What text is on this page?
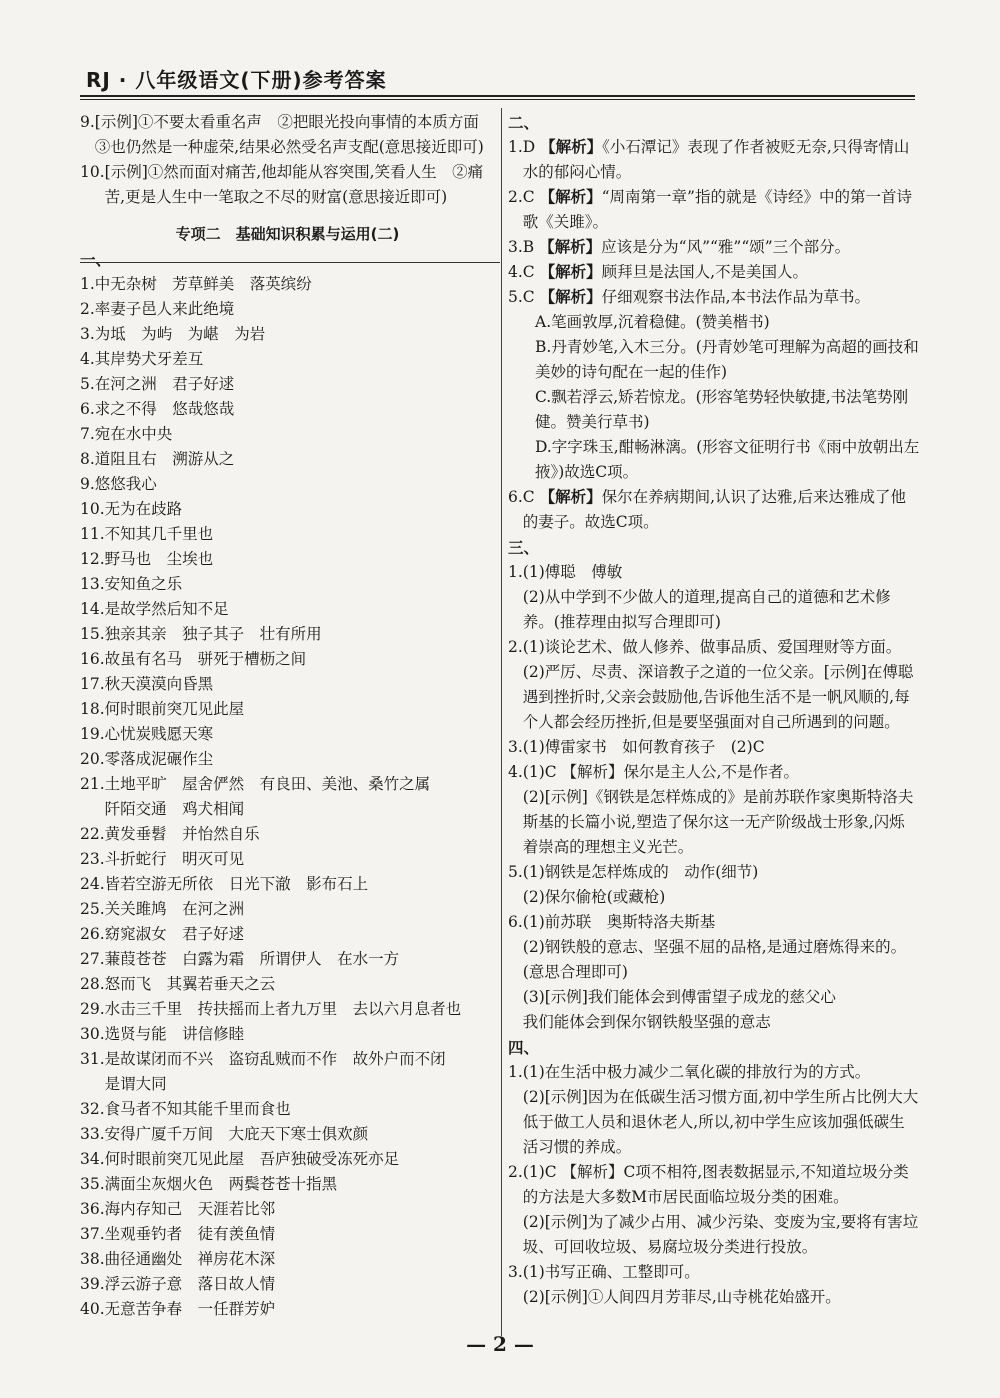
RJ · 八年级语文(下册)参考答案
9. [示例]①不要太看重名声　②把眼光投向事情的本质方面　③也仍然是一种虚荣,结果必然受名声支配(意思接近即可)
10. [示例]①然而面对痛苦,他却能从容突围,笑看人生　②痛苦,更是人生中一笔取之不尽的财富(意思接近即可)
专项二　基础知识积累与运用(二)
一、
1. 中无杂树　芳草鲜美　落英缤纷
2. 率妻子邑人来此绝境
3. 为坻　为屿　为嵁　为岩
4. 其岸势犬牙差互
5. 在河之洲　君子好逑
6. 求之不得　悠哉悠哉
7. 宛在水中央
8. 道阻且右　溯游从之
9. 悠悠我心
10. 无为在歧路
11. 不知其几千里也
12. 野马也　尘埃也
13. 安知鱼之乐
14. 是故学然后知不足
15. 独亲其亲　独子其子　壮有所用
16. 故虽有名马　骈死于槽枥之间
17. 秋天漠漠向昏黑
18. 何时眼前突兀见此屋
19. 心忧炭贱愿天寒
20. 零落成泥碾作尘
21. 土地平旷　屋舍俨然　有良田、美池、桑竹之属
阡陌交通　鸡犬相闻
22. 黄发垂髫　并怡然自乐
23. 斗折蛇行　明灭可见
24. 皆若空游无所依　日光下澈　影布石上
25. 关关雎鸠　在河之洲
26. 窈窕淑女　君子好逑
27. 蒹葭苍苍　白露为霜　所谓伊人　在水一方
28. 怒而飞　其翼若垂天之云
29. 水击三千里　抟扶摇而上者九万里　去以六月息者也
30. 选贤与能　讲信修睦
31. 是故谋闭而不兴　盗窃乱贼而不作　故外户而不闭
是谓大同
32. 食马者不知其能千里而食也
33. 安得广厦千万间　大庇天下寒士俱欢颜
34. 何时眼前突兀见此屋　吾庐独破受冻死亦足
35. 满面尘灰烟火色　两鬓苍苍十指黑
36. 海内存知己　天涯若比邻
37. 坐观垂钓者　徒有羡鱼情
38. 曲径通幽处　禅房花木深
39. 浮云游子意　落日故人情
40. 无意苦争春　一任群芳妒
二、
1. D 【解析】《小石潭记》表现了作者被贬无奈,只得寄情山水的郁闷心情。
2. C 【解析】“周南第一章”指的就是《诗经》中的第一首诗歌《关雎》。
3. B 【解析】应该是分为“风”“雅”“颂”三个部分。
4. C 【解析】顾拜旦是法国人,不是美国人。
5. C 【解析】仔细观察书法作品,本书法作品为草书。
A.笔画敦厚,沉着稳健。(赞美楷书)
B.丹青妙笔,入木三分。(丹青妙笔可理解为高超的画技和美妙的诗句配在一起的佳作)
C.飘若浮云,矫若惊龙。(形容笔势轻快敏捷,书法笔势刚健。赞美行草书)
D.字字珠玉,酣畅淋漓。(形容文征明行书《雨中放朝出左掖》)故选C项。
6. C 【解析】保尔在养病期间,认识了达雅,后来达雅成了他的妻子。故选C项。
三、
1. (1)傅聪　傅敏
(2)从中学到不少做人的道理,提高自己的道德和艺术修养。(推荐理由拟写合理即可)
2. (1)谈论艺术、做人修养、做事品质、爱国理财等方面。
(2)严厉、尽责、深谙教子之道的一位父亲。[示例]在傅聪遇到挫折时,父亲会鼓励他,告诉他生活不是一帆风顺的,每个人都会经历挫折,但是要坚强面对自己所遇到的问题。
3. (1)傅雷家书　如何教育孩子　(2)C
4. (1)C 【解析】保尔是主人公,不是作者。
(2)[示例]《钢铁是怎样炼成的》是前苏联作家奥斯特洛夫斯基的长篇小说,塑造了保尔这一无产阶级战士形象,闪烁着崇高的理想主义光芒。
5. (1)钢铁是怎样炼成的　动作(细节)
(2)保尔偷枪(或藏枪)
6. (1)前苏联　奥斯特洛夫斯基
(2)钢铁般的意志、坚强不屈的品格,是通过磨炼得来的。(意思合理即可)
(3)[示例]我们能体会到傅雷望子成龙的慈父心
我们能体会到保尔钢铁般坚强的意志
四、
1. (1)在生活中极力减少二氧化碳的排放行为的方式。
(2)[示例]因为在低碳生活习惯方面,初中学生所占比例大大低于做工人员和退休老人,所以,初中学生应该加强低碳生活习惯的养成。
2. (1)C 【解析】C项不相符,图表数据显示,不知道垃圾分类的方法是大多数M市居民面临垃圾分类的困难。
(2)[示例]为了减少占用、减少污染、变废为宝,要将有害垃圾、可回收垃圾、易腐垃圾分类进行投放。
3. (1)书写正确、工整即可。
(2)[示例]①人间四月芳菲尽,山寺桃花始盛开。
— 2 —
